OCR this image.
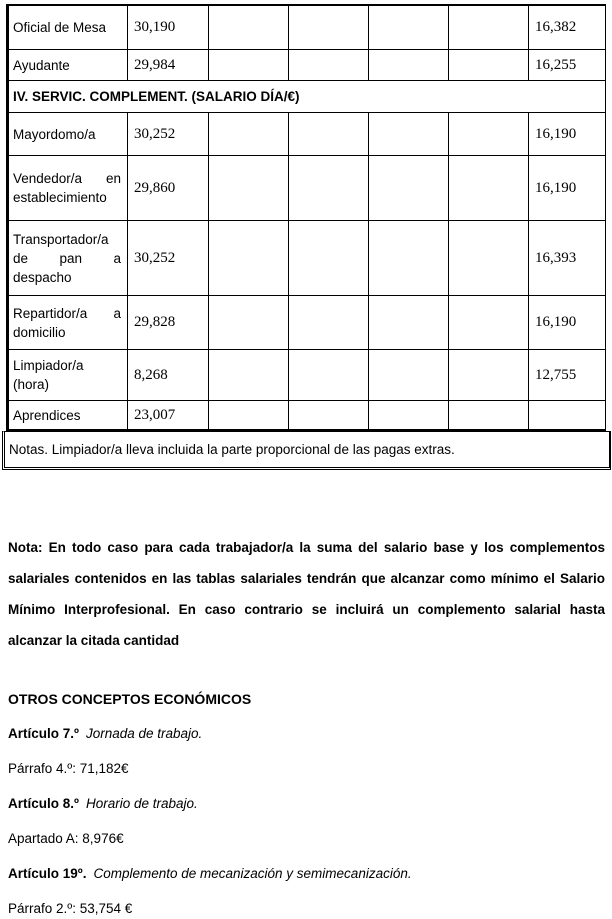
Oficial de Mesa	30,190					16,382
Ayudante	29,984					16,255
IV. SERVIC. COMPLEMENT. (SALARIO DÍA/€)						
Mayordomo/a	30,252					16,190
Vendedor/a en establecimiento	29,860					16,190
Transportador/a de pan a despacho	30,252					16,393
Repartidor/a a domicilio	29,828					16,190
Limpiador/a (hora)	8,268					12,755
Aprendices	23,007					
Notas. Limpiador/a lleva incluida la parte proporcional de las pagas extras.

Nota: En todo caso para cada trabajador/a la suma del salario base y los complementos salariales contenidos en las tablas salariales tendrán que alcanzar como mínimo el Salario Mínimo Interprofesional. En caso contrario se incluirá un complemento salarial hasta alcanzar la citada cantidad

OTROS CONCEPTOS ECONÓMICOS

Artículo 7.º Jornada de trabajo.

Párrafo 4.º: 71,182€

Artículo 8.º Horario de trabajo.

Apartado A: 8,976€

Artículo 19º. Complemento de mecanización y semimecanización.

Párrafo 2.º: 53,754 €
